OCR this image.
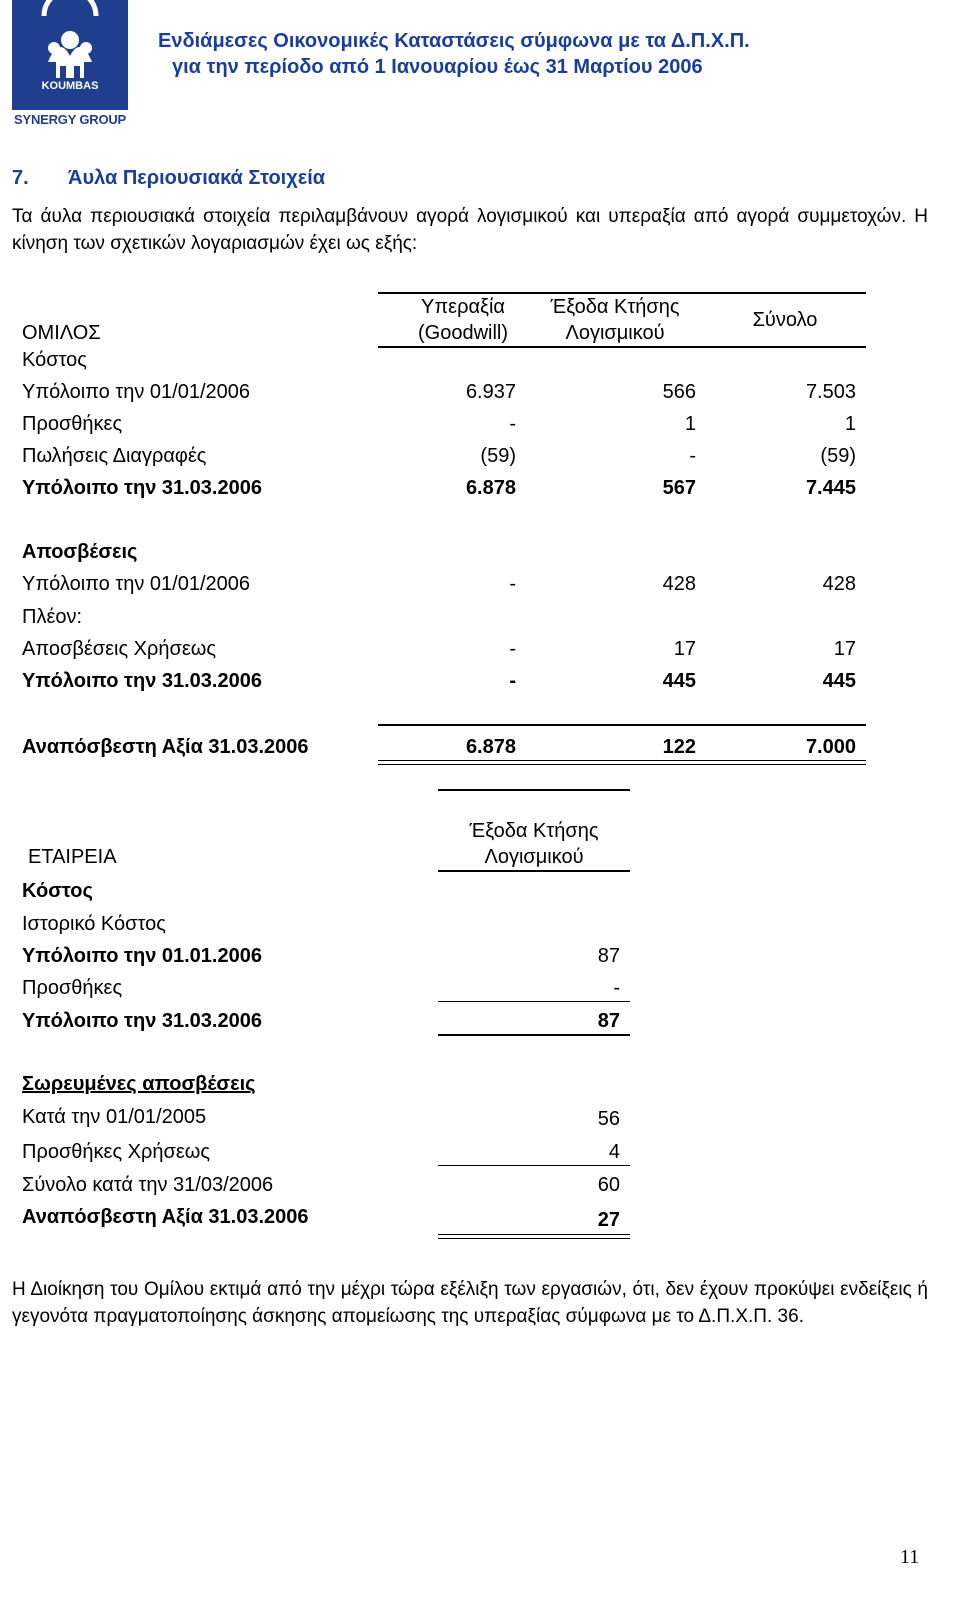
KOUMBAS
SYNERGY GROUP
Ενδιάμεσες Οικονομικές Καταστάσεις σύμφωνα με τα Δ.Π.Χ.Π.
για την περίοδο από 1 Ιανουαρίου έως 31 Μαρτίου 2006
7. Άυλα Περιουσιακά Στοιχεία
Τα άυλα περιουσιακά στοιχεία περιλαμβάνουν αγορά λογισμικού και υπεραξία από αγορά συμμετοχών. Η κίνηση των σχετικών λογαριασμών έχει ως εξής:
Υπεραξία
(Goodwill)
Έξοδα Κτήσης
Λογισμικού
Σύνολο
ΟΜΙΛΟΣ
Κόστος
Υπόλοιπο την 01/01/2006	6.937	566	7.503
Προσθήκες	-	1	1
Πωλήσεις Διαγραφές	(59)	-	(59)
Υπόλοιπο την 31.03.2006	6.878	567	7.445
Αποσβέσεις
Υπόλοιπο την 01/01/2006	-	428	428
Πλέον:
Αποσβέσεις Χρήσεως	-	17	17
Υπόλοιπο την 31.03.2006	-	445	445
Αναπόσβεστη Αξία 31.03.2006	6.878	122	7.000
Έξοδα Κτήσης
Λογισμικού
ΕΤΑΙΡΕΙΑ
Κόστος
Ιστορικό Κόστος
Υπόλοιπο την 01.01.2006	87
Προσθήκες	-
Υπόλοιπο την 31.03.2006	87
Σωρευμένες αποσβέσεις
Κατά την 01/01/2005	56
Προσθήκες Χρήσεως	4
Σύνολο κατά την 31/03/2006	60
Αναπόσβεστη Αξία 31.03.2006	27
Η Διοίκηση του Ομίλου εκτιμά από την μέχρι τώρα εξέλιξη των εργασιών, ότι, δεν έχουν προκύψει ενδείξεις ή γεγονότα πραγματοποίησης άσκησης απομείωσης της υπεραξίας σύμφωνα με το Δ.Π.Χ.Π. 36.
11
